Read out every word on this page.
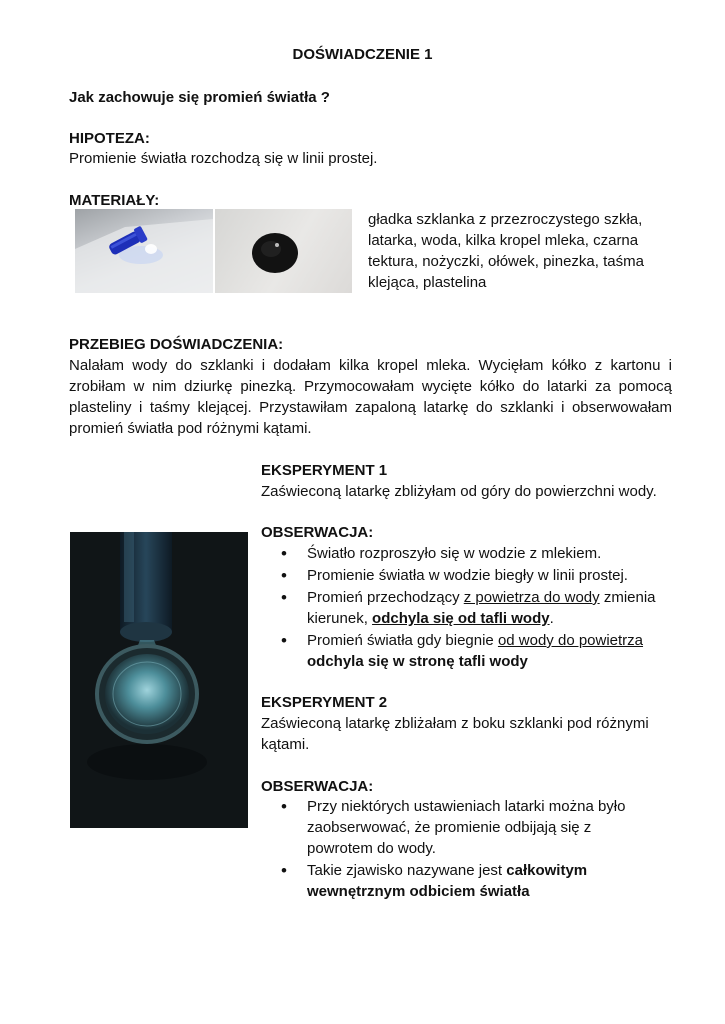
DOŚWIADCZENIE 1
Jak zachowuje się promień światła ?
HIPOTEZA:
Promienie światła rozchodzą się w linii prostej.
MATERIAŁY:
gładka szklanka z przezroczystego szkła,
latarka, woda, kilka kropel mleka, czarna
tektura, nożyczki, ołówek, pinezka, taśma
klejąca, plastelina
PRZEBIEG DOŚWIADCZENIA:
Nalałam wody do szklanki i dodałam kilka kropel mleka. Wycięłam kółko z kartonu i zrobiłam w nim dziurkę pinezką. Przymocowałam wycięte kółko do latarki za pomocą plasteliny i taśmy klejącej. Przystawiłam zapaloną latarkę do szklanki i obserwowałam promień światła pod różnymi kątami.
EKSPERYMENT 1
Zaświeconą latarkę zbliżyłam od góry do powierzchni wody.
OBSERWACJA:
• Światło rozproszyło się w wodzie z mlekiem.
• Promienie światła w wodzie biegły w linii prostej.
• Promień przechodzący z powietrza do wody zmienia kierunek, odchyla się od tafli wody.
• Promień światła gdy biegnie od wody do powietrza
odchyla się w stronę tafli wody
EKSPERYMENT 2
Zaświeconą latarkę zbliżałam z boku szklanki pod różnymi
kątami.
OBSERWACJA:
• Przy niektórych ustawieniach latarki można było
zaobserwować, że promienie odbijają się z
powrotem do wody.
• Takie zjawisko nazywane jest całkowitym
wewnętrznym odbiciem światła
